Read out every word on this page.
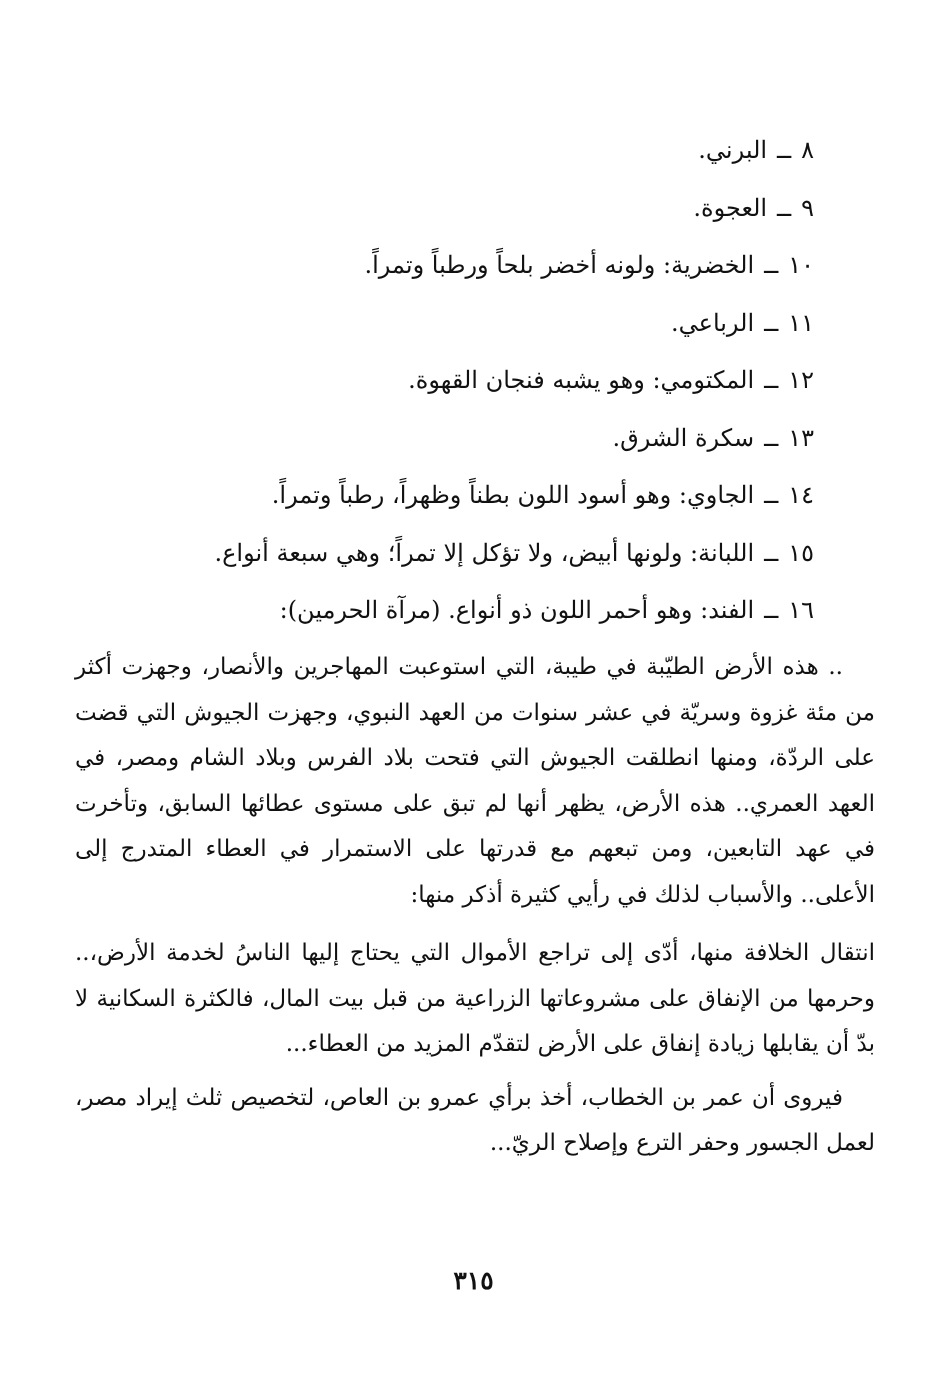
٨ــالبرني.
٩ــالعجوة.
١٠ــالخضرية: ولونه أخضر بلحاً ورطباً وتمراً.
١١ــالرباعي.
١٢ــالمكتومي: وهو يشبه فنجان القهوة.
١٣ــسكرة الشرق.
١٤ــالجاوي: وهو أسود اللون بطناً وظهراً، رطباً وتمراً.
١٥ــاللبانة: ولونها أبيض، ولا تؤكل إلا تمراً؛ وهي سبعة أنواع.
١٦ــالفند: وهو أحمر اللون ذو أنواع. (مرآة الحرمين):

.. هذه الأرض الطيّبة في طيبة، التي استوعبت المهاجرين والأنصار، وجهزت أكثر من مئة غزوة وسريّة في عشر سنوات من العهد النبوي، وجهزت الجيوش التي قضت على الردّة، ومنها انطلقت الجيوش التي فتحت بلاد الفرس وبلاد الشام ومصر، في العهد العمري.. هذه الأرض، يظهر أنها لم تبق على مستوى عطائها السابق، وتأخرت في عهد التابعين، ومن تبعهم مع قدرتها على الاستمرار في العطاء المتدرج إلى الأعلى.. والأسباب لذلك في رأيي كثيرة أذكر منها:

انتقال الخلافة منها، أدّى إلى تراجع الأموال التي يحتاج إليها الناسُ لخدمة الأرض،.. وحرمها من الإنفاق على مشروعاتها الزراعية من قبل بيت المال، فالكثرة السكانية لا بدّ أن يقابلها زيادة إنفاق على الأرض لتقدّم المزيد من العطاء...

فيروى أن عمر بن الخطاب، أخذ برأي عمرو بن العاص، لتخصيص ثلث إيراد مصر، لعمل الجسور وحفر الترع وإصلاح الريّ...

٣١٥
